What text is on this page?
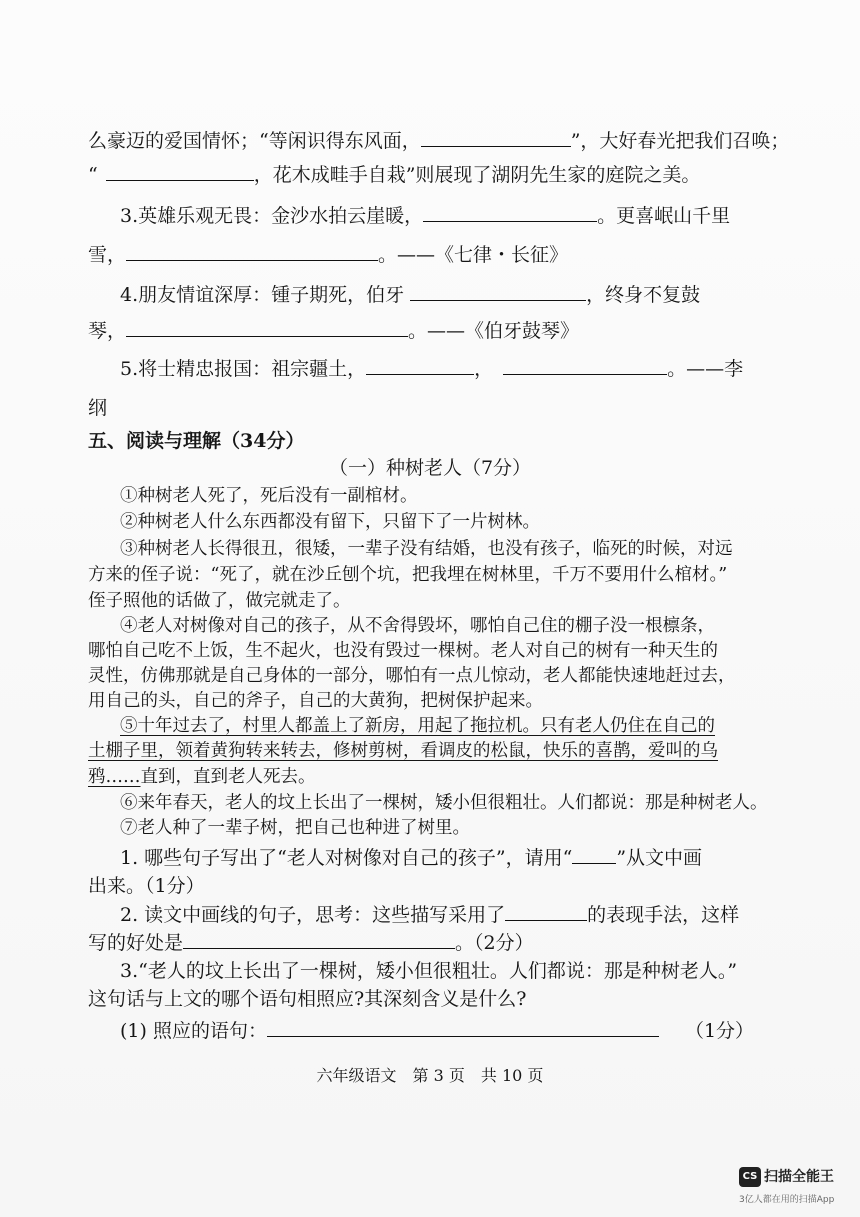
么豪迈的爱国情怀；“等闲识得东风面，	”，大好春光把我们召唤；
“	，花木成畦手自栽”则展现了湖阴先生家的庭院之美。
3.英雄乐观无畏：金沙水拍云崖暖，	。更喜岷山千里
雪，	。——《七律・长征》
4.朋友情谊深厚：锺子期死，伯牙	，终身不复鼓
琴，	。——《伯牙鼓琴》
5.将士精忠报国：祖宗疆土，	，	。——李
纲
五、阅读与理解（34分）
（一）种树老人（7分）
①种树老人死了，死后没有一副棺材。
②种树老人什么东西都没有留下，只留下了一片树林。
③种树老人长得很丑，很矮，一辈子没有结婚，也没有孩子，临死的时候，对远
方来的侄子说：“死了，就在沙丘刨个坑，把我埋在树林里，千万不要用什么棺材。”
侄子照他的话做了，做完就走了。
④老人对树像对自己的孩子，从不舍得毁坏，哪怕自己住的棚子没一根檩条，
哪怕自己吃不上饭，生不起火，也没有毁过一棵树。老人对自己的树有一种天生的
灵性，仿佛那就是自己身体的一部分，哪怕有一点儿惊动，老人都能快速地赶过去，
用自己的头，自己的斧子，自己的大黄狗，把树保护起来。
⑤十年过去了，村里人都盖上了新房，用起了拖拉机。只有老人仍住在自己的
土棚子里，领着黄狗转来转去，修树剪树，看调皮的松鼠，快乐的喜鹊，爱叫的乌
鸦……直到，直到老人死去。
⑥来年春天，老人的坟上长出了一棵树，矮小但很粗壮。人们都说：那是种树老人。
⑦老人种了一辈子树，把自己也种进了树里。
1. 哪些句子写出了“老人对树像对自己的孩子”，请用“ ”从文中画
出来。（1分）
2. 读文中画线的句子，思考：这些描写采用了	的表现手法，这样
写的好处是	。（2分）
3.“老人的坟上长出了一棵树，矮小但很粗壮。人们都说：那是种树老人。”
这句话与上文的哪个语句相照应?其深刻含义是什么?
(1) 照应的语句：	（1分）
六年级语文　第 3 页　共 10 页
CS 扫描全能王
3亿人都在用的扫描App
